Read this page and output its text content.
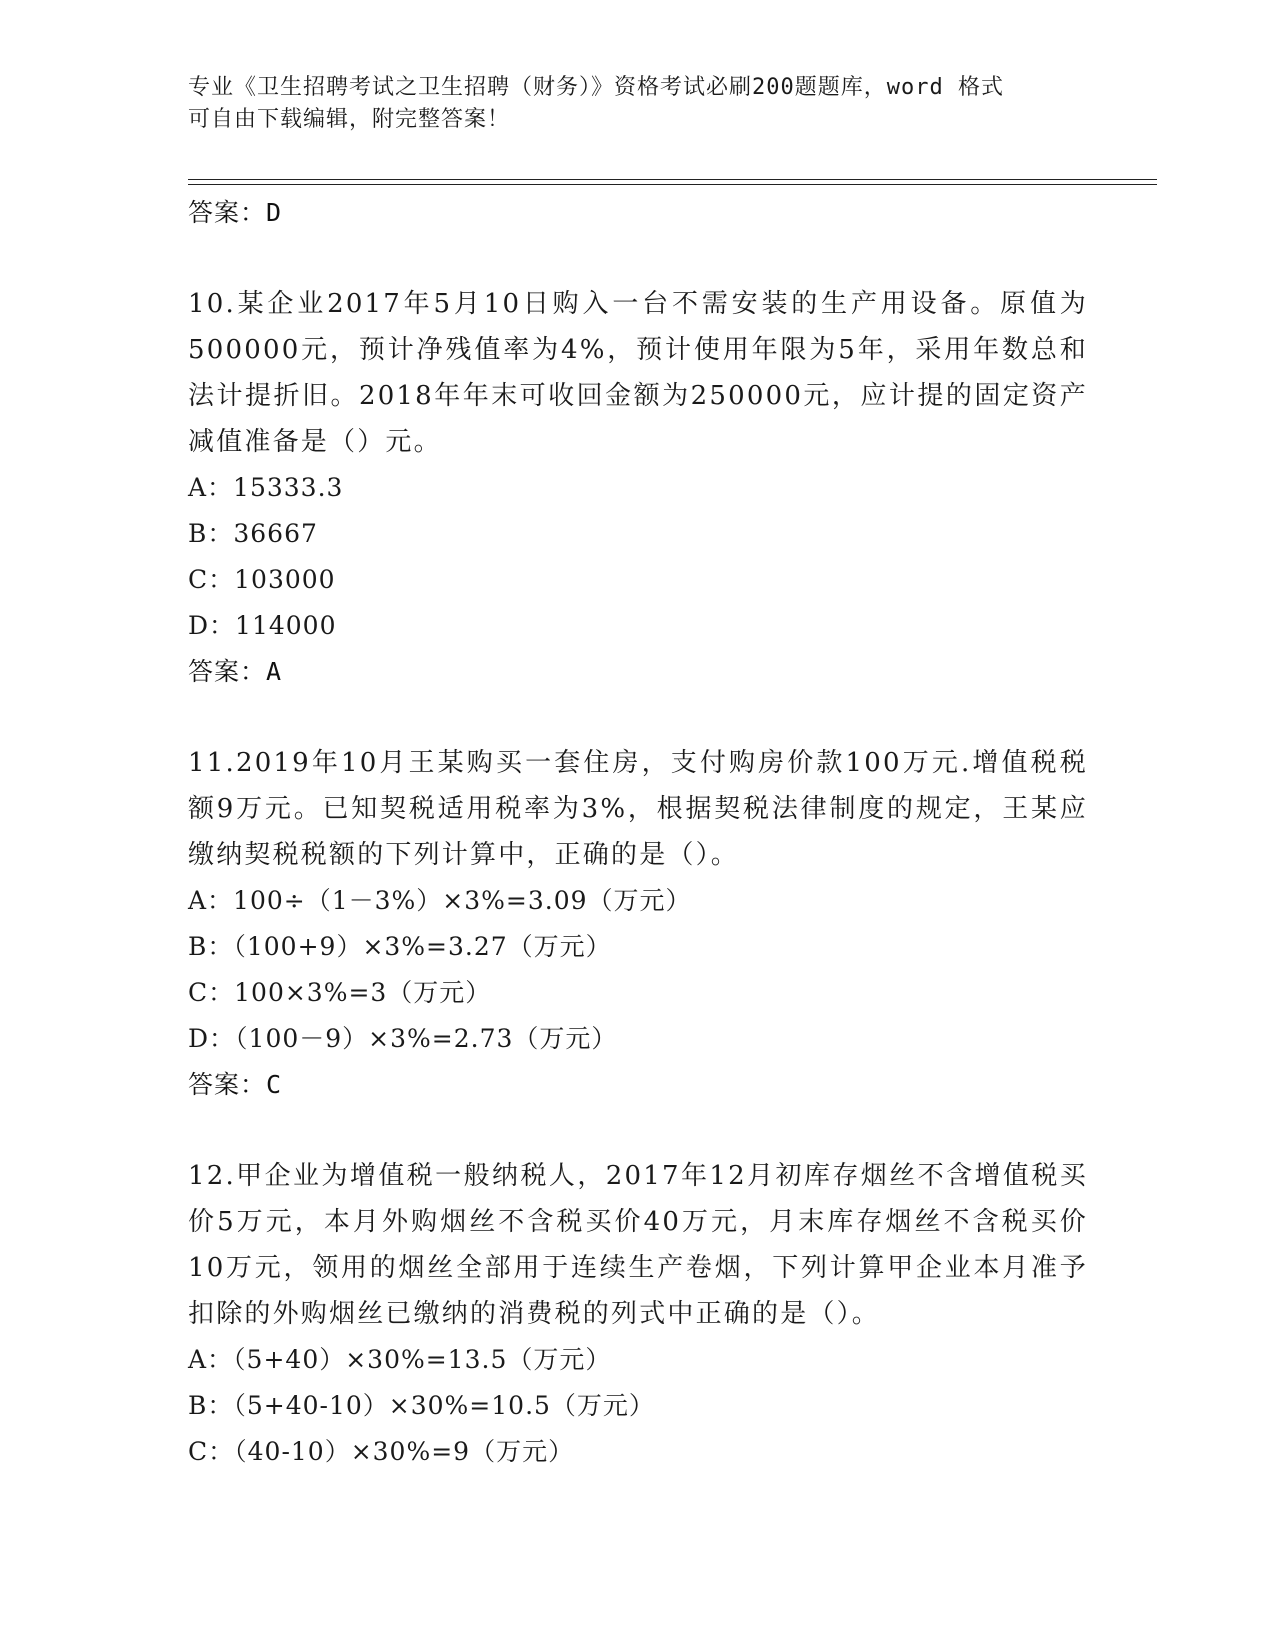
专业《卫生招聘考试之卫生招聘（财务）》资格考试必刷200题题库，word 格式
可自由下载编辑，附完整答案！
答案：D
10.某企业2017年5月10日购入一台不需安装的生产用设备。原值为500000元，预计净残值率为4%，预计使用年限为5年，采用年数总和法计提折旧。2018年年末可收回金额为250000元，应计提的固定资产减值准备是（）元。
A：15333.3
B：36667
C：103000
D：114000
答案：A
11.2019年10月王某购买一套住房，支付购房价款100万元.增值税税额9万元。已知契税适用税率为3%，根据契税法律制度的规定，王某应缴纳契税税额的下列计算中，正确的是（）。
A：100÷（1－3%）×3%=3.09（万元）
B：（100+9）×3%=3.27（万元）
C：100×3%=3（万元）
D：（100－9）×3%=2.73（万元）
答案：C
12.甲企业为增值税一般纳税人，2017年12月初库存烟丝不含增值税买价5万元，本月外购烟丝不含税买价40万元，月末库存烟丝不含税买价10万元，领用的烟丝全部用于连续生产卷烟，下列计算甲企业本月准予扣除的外购烟丝已缴纳的消费税的列式中正确的是（）。
A：（5+40）×30%=13.5（万元）
B：（5+40-10）×30%=10.5（万元）
C：（40-10）×30%=9（万元）
